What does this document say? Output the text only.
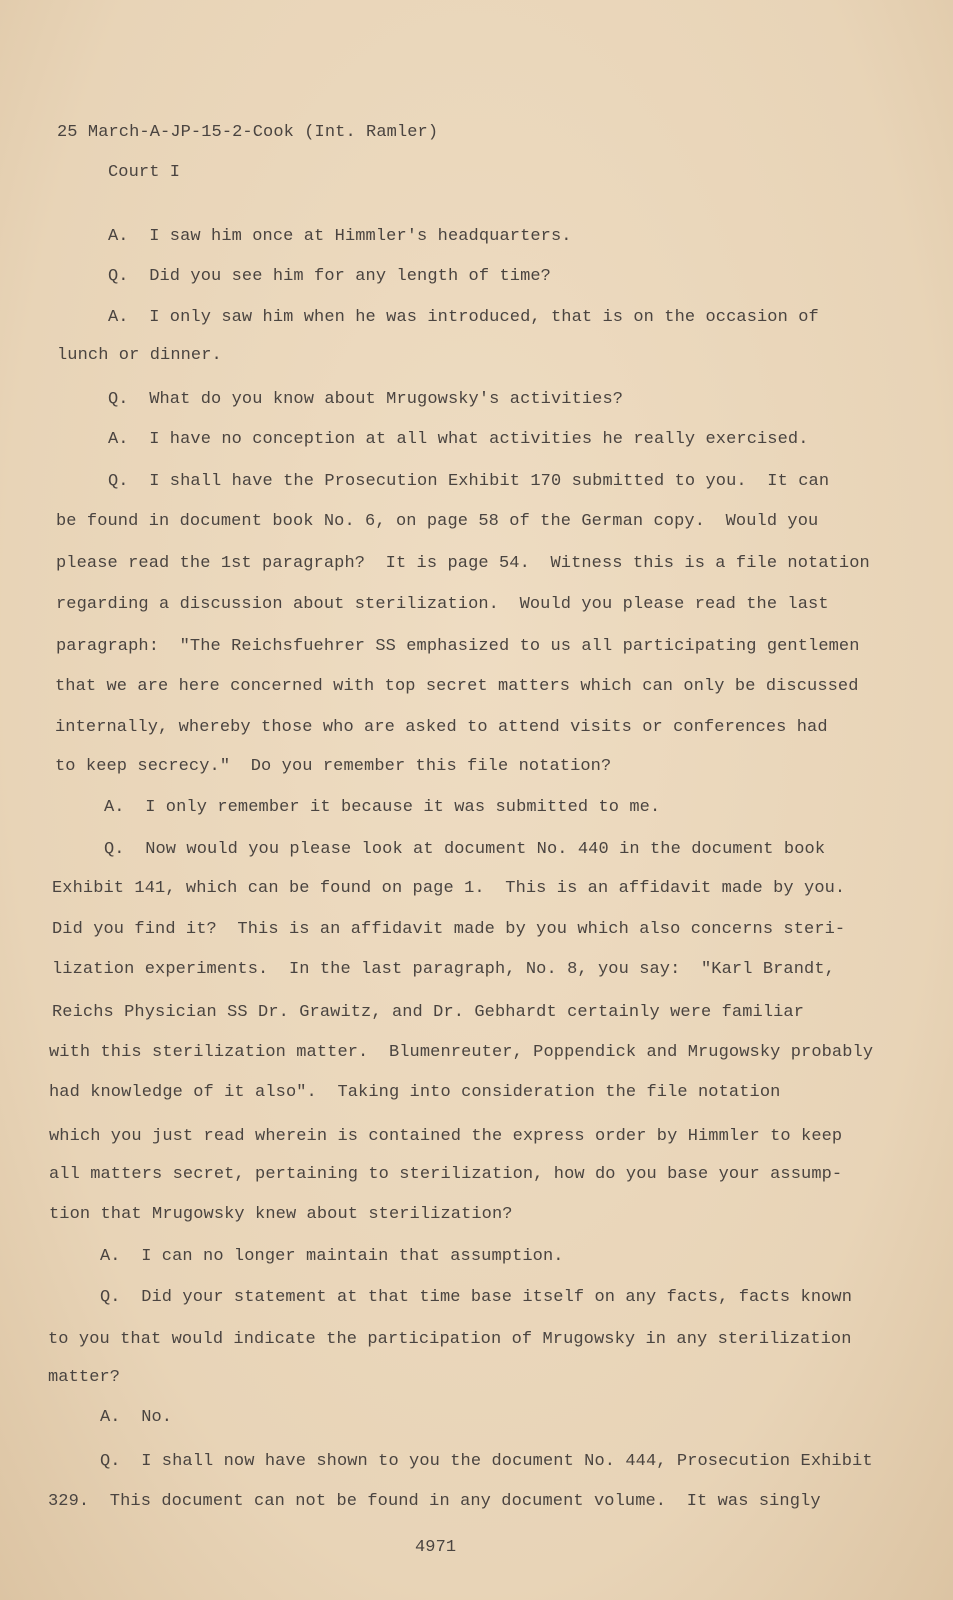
25 March-A-JP-15-2-Cook (Int. Ramler)
Court I
A.  I saw him once at Himmler's headquarters.
Q.  Did you see him for any length of time?
A.  I only saw him when he was introduced, that is on the occasion of
lunch or dinner.
Q.  What do you know about Mrugowsky's activities?
A.  I have no conception at all what activities he really exercised.
Q.  I shall have the Prosecution Exhibit 170 submitted to you.  It can
be found in document book No. 6, on page 58 of the German copy.  Would you
please read the 1st paragraph?  It is page 54.  Witness this is a file notation
regarding a discussion about sterilization.  Would you please read the last
paragraph:  "The Reichsfuehrer SS emphasized to us all participating gentlemen
that we are here concerned with top secret matters which can only be discussed
internally, whereby those who are asked to attend visits or conferences had
to keep secrecy."  Do you remember this file notation?
A.  I only remember it because it was submitted to me.
Q.  Now would you please look at document No. 440 in the document book
Exhibit 141, which can be found on page 1.  This is an affidavit made by you.
Did you find it?  This is an affidavit made by you which also concerns steri-
lization experiments.  In the last paragraph, No. 8, you say:  "Karl Brandt,
Reichs Physician SS Dr. Grawitz, and Dr. Gebhardt certainly were familiar
with this sterilization matter.  Blumenreuter, Poppendick and Mrugowsky probably
had knowledge of it also".  Taking into consideration the file notation
which you just read wherein is contained the express order by Himmler to keep
all matters secret, pertaining to sterilization, how do you base your assump-
tion that Mrugowsky knew about sterilization?
A.  I can no longer maintain that assumption.
Q.  Did your statement at that time base itself on any facts, facts known
to you that would indicate the participation of Mrugowsky in any sterilization
matter?
A.  No.
Q.  I shall now have shown to you the document No. 444, Prosecution Exhibit
329.  This document can not be found in any document volume.  It was singly
4971
